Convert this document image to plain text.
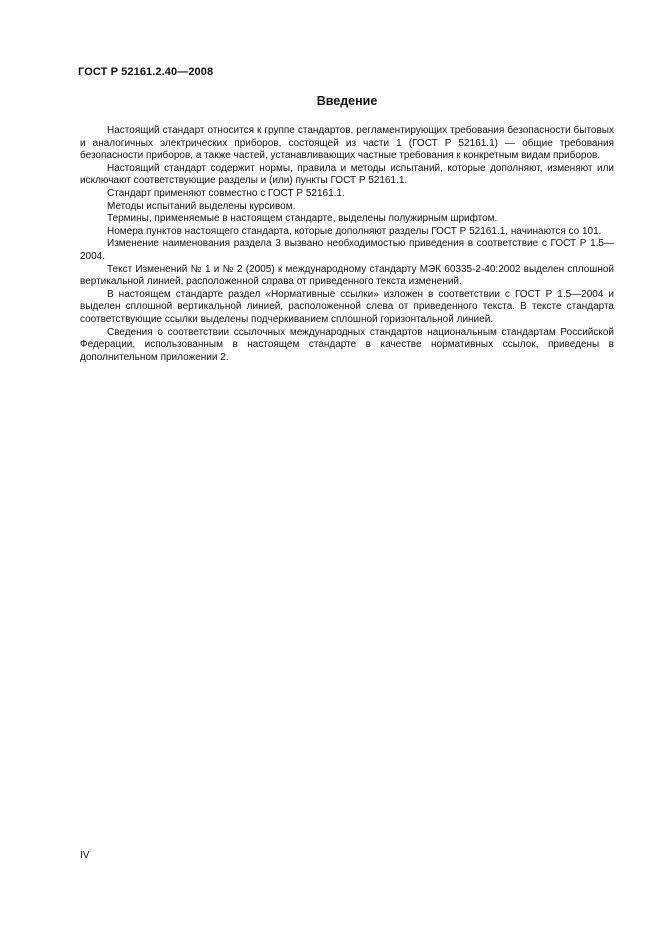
ГОСТ Р 52161.2.40—2008
Введение

Настоящий стандарт относится к группе стандартов, регламентирующих требования безопасности бытовых и аналогичных электрических приборов, состоящей из части 1 (ГОСТ Р 52161.1) — общие требования безопасности приборов, а также частей, устанавливающих частные требования к конкретным видам приборов.

Настоящий стандарт содержит нормы, правила и методы испытаний, которые дополняют, изменяют или исключают соответствующие разделы и (или) пункты ГОСТ Р 52161.1.

Стандарт применяют совместно с ГОСТ Р 52161.1.

Методы испытаний выделены курсивом.

Термины, применяемые в настоящем стандарте, выделены полужирным шрифтом.

Номера пунктов настоящего стандарта, которые дополняют разделы ГОСТ Р 52161.1, начинаются со 101.

Изменение наименования раздела 3 вызвано необходимостью приведения в соответствие с ГОСТ Р 1.5—2004.

Текст Изменений № 1 и № 2 (2005) к международному стандарту МЭК 60335-2-40:2002 выделен сплошной вертикальной линией, расположенной справа от приведенного текста изменений.

В настоящем стандарте раздел «Нормативные ссылки» изложен в соответствии с ГОСТ Р 1.5—2004 и выделен сплошной вертикальной линией, расположенной слева от приведенного текста. В тексте стандарта соответствующие ссылки выделены подчеркиванием сплошной горизонтальной линией.

Сведения о соответствии ссылочных международных стандартов национальным стандартам Российской Федерации, использованным в настоящем стандарте в качестве нормативных ссылок, приведены в дополнительном приложении 2.

IV
